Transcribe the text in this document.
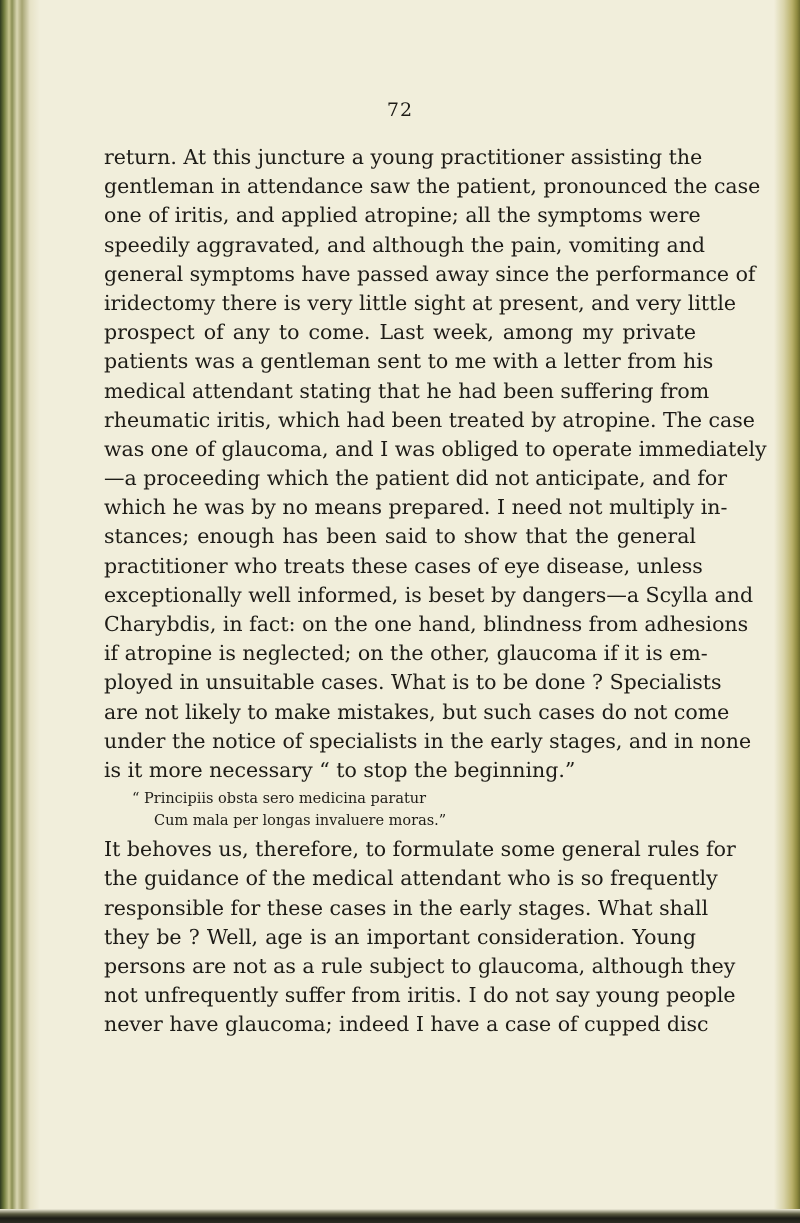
72
return. At this juncture a young practitioner assisting the
gentleman in attendance saw the patient, pronounced the case
one of iritis, and applied atropine; all the symptoms were
speedily aggravated, and although the pain, vomiting and
general symptoms have passed away since the performance of
iridectomy there is very little sight at present, and very little
prospect of any to come. Last week, among my private
patients was a gentleman sent to me with a letter from his
medical attendant stating that he had been suffering from
rheumatic iritis, which had been treated by atropine. The case
was one of glaucoma, and I was obliged to operate immediately
—a proceeding which the patient did not anticipate, and for
which he was by no means prepared. I need not multiply in-
stances; enough has been said to show that the general
practitioner who treats these cases of eye disease, unless
exceptionally well informed, is beset by dangers—a Scylla and
Charybdis, in fact: on the one hand, blindness from adhesions
if atropine is neglected; on the other, glaucoma if it is em-
ployed in unsuitable cases. What is to be done ? Specialists
are not likely to make mistakes, but such cases do not come
under the notice of specialists in the early stages, and in none
is it more necessary “ to stop the beginning.”
“ Principiis obsta sero medicina paratur
Cum mala per longas invaluere moras.”
It behoves us, therefore, to formulate some general rules for
the guidance of the medical attendant who is so frequently
responsible for these cases in the early stages. What shall
they be ? Well, age is an important consideration. Young
persons are not as a rule subject to glaucoma, although they
not unfrequently suffer from iritis. I do not say young people
never have glaucoma; indeed I have a case of cupped disc
